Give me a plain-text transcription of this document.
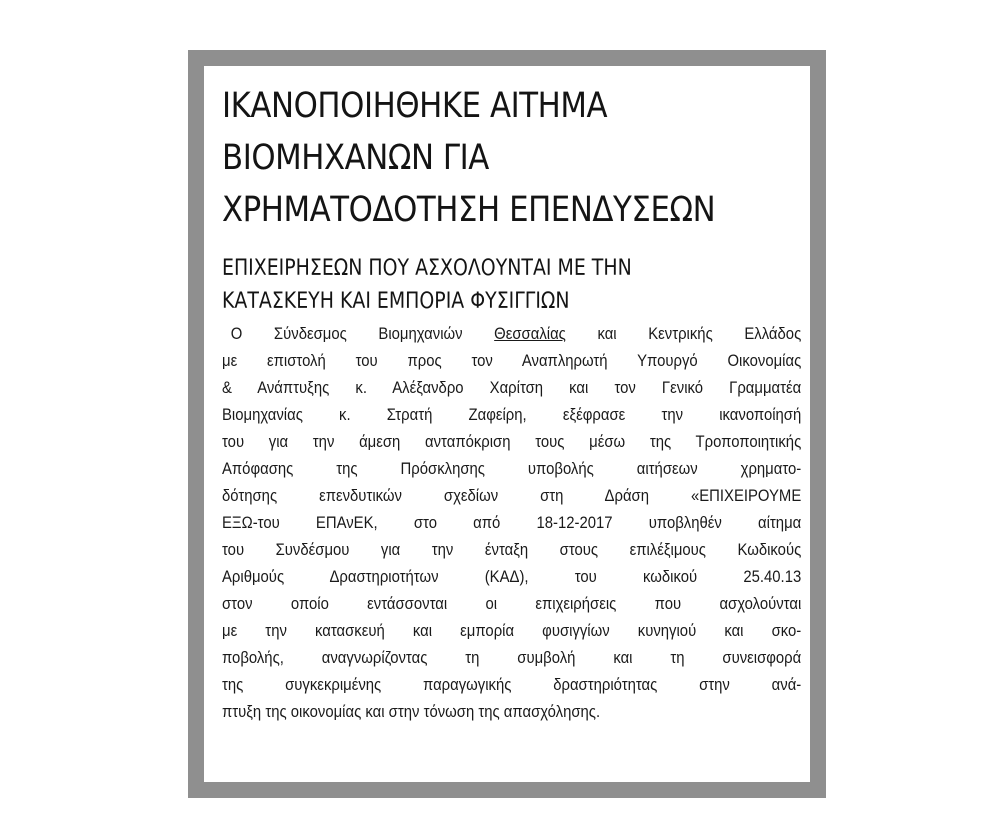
ΙΚΑΝΟΠΟΙΗΘΗΚΕ ΑΙΤΗΜΑ
ΒΙΟΜΗΧΑΝΩΝ ΓΙΑ
ΧΡΗΜΑΤΟΔΟΤΗΣΗ ΕΠΕΝΔΥΣΕΩΝ
ΕΠΙΧΕΙΡΗΣΕΩΝ ΠΟΥ ΑΣΧΟΛΟΥΝΤΑΙ ΜΕ ΤΗΝ
ΚΑΤΑΣΚΕΥΗ ΚΑΙ ΕΜΠΟΡΙΑ ΦΥΣΙΓΓΙΩΝ
Ο Σύνδεσμος Βιομηχανιών Θεσσαλίας και Κεντρικής Ελλάδος
με επιστολή του προς τον Αναπληρωτή Υπουργό Οικονομίας
& Ανάπτυξης κ. Αλέξανδρο Χαρίτση και τον Γενικό Γραμματέα
Βιομηχανίας κ. Στρατή Ζαφείρη, εξέφρασε την ικανοποίησή
του για την άμεση ανταπόκριση τους μέσω της Τροποποιητικής
Απόφασης της Πρόσκλησης υποβολής αιτήσεων χρηματο-
δότησης επενδυτικών σχεδίων στη Δράση «ΕΠΙΧΕΙΡΟΥΜΕ
ΕΞΩ-του ΕΠΑνΕΚ, στο από 18-12-2017 υποβληθέν αίτημα
του Συνδέσμου για την ένταξη στους επιλέξιμους Κωδικούς
Αριθμούς Δραστηριοτήτων (ΚΑΔ), του κωδικού 25.40.13
στον οποίο εντάσσονται οι επιχειρήσεις που ασχολούνται
με την κατασκευή και εμπορία φυσιγγίων κυνηγιού και σκο-
ποβολής, αναγνωρίζοντας τη συμβολή και τη συνεισφορά
της συγκεκριμένης παραγωγικής δραστηριότητας στην ανά-
πτυξη της οικονομίας και στην τόνωση της απασχόλησης.
